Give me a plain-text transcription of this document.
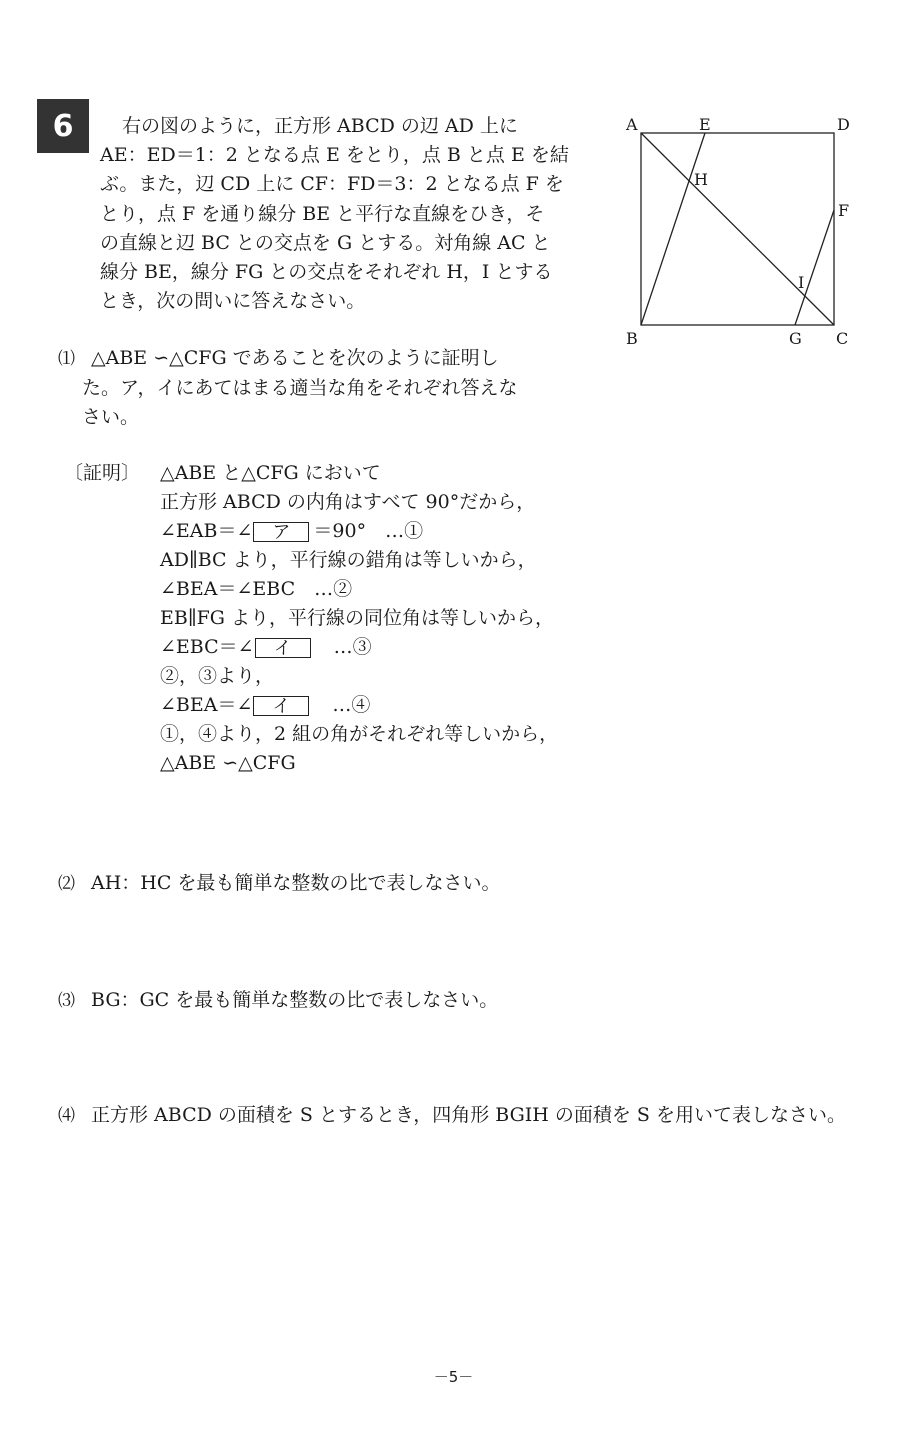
6	右の図のように，正方形 ABCD の辺 AD 上に
AE：ED＝1：2 となる点 E をとり，点 B と点 E を結
ぶ。また，辺 CD 上に CF：FD＝3：2 となる点 F を
とり，点 F を通り線分 BE と平行な直線をひき，そ
の直線と辺 BC との交点を G とする。対角線 AC と
線分 BE，線分 FG との交点をそれぞれ H，I とする
とき，次の問いに答えなさい。
A	E	D
H
F
I
B	G C
⑴ △ABE ∽△CFG であることを次のように証明し
た。ア，イにあてはまる適当な角をそれぞれ答えな
さい。
〔証明〕 △ABE と△CFG において
正方形 ABCD の内角はすべて 90°だから，
∠EAB＝∠ ア ＝90°　…①
AD∥BC より，平行線の錯角は等しいから，
∠BEA＝∠EBC　…②
EB∥FG より，平行線の同位角は等しいから，
∠EBC＝∠ イ　…③
②，③より，
∠BEA＝∠ イ　…④
①，④より，2 組の角がそれぞれ等しいから，
△ABE ∽△CFG
⑵ AH：HC を最も簡単な整数の比で表しなさい。
⑶ BG：GC を最も簡単な整数の比で表しなさい。
⑷ 正方形 ABCD の面積を S とするとき，四角形 BGIH の面積を S を用いて表しなさい。
－5－
